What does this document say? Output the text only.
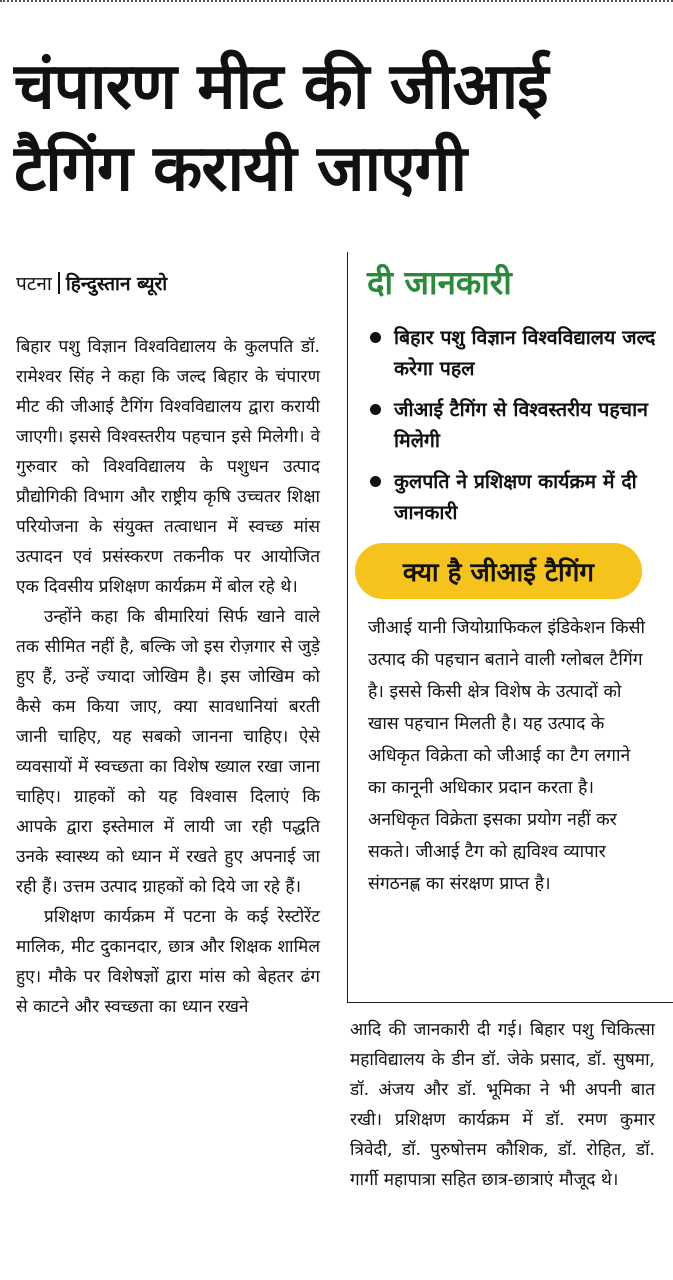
चंपारण मीट की जीआई
टैगिंग करायी जाएगी
पटना हिन्दुस्तान ब्यूरो

बिहार पशु विज्ञान विश्वविद्यालय के कुलपति डॉ. रामेश्वर सिंह ने कहा कि जल्द बिहार के चंपारण मीट की जीआई टैगिंग विश्वविद्यालय द्वारा करायी जाएगी। इससे विश्वस्तरीय पहचान इसे मिलेगी। वे गुरुवार को विश्वविद्यालय के पशुधन उत्पाद प्रौद्योगिकी विभाग और राष्ट्रीय कृषि उच्चतर शिक्षा परियोजना के संयुक्त तत्वाधान में स्वच्छ मांस उत्पादन एवं प्रसंस्करण तकनीक पर आयोजित एक दिवसीय प्रशिक्षण कार्यक्रम में बोल रहे थे।

उन्होंने कहा कि बीमारियां सिर्फ खाने वाले तक सीमित नहीं है, बल्कि जो इस रोज़गार से जुड़े हुए हैं, उन्हें ज्यादा जोखिम है। इस जोखिम को कैसे कम किया जाए, क्या सावधानियां बरती जानी चाहिए, यह सबको जानना चाहिए। ऐसे व्यवसायों में स्वच्छता का विशेष ख्याल रखा जाना चाहिए। ग्राहकों को यह विश्वास दिलाएं कि आपके द्वारा इस्तेमाल में लायी जा रही पद्धति उनके स्वास्थ्य को ध्यान में रखते हुए अपनाई जा रही हैं। उत्तम उत्पाद ग्राहकों को दिये जा रहे हैं।

प्रशिक्षण कार्यक्रम में पटना के कई रेस्टोरेंट मालिक, मीट दुकानदार, छात्र और शिक्षक शामिल हुए। मौके पर विशेषज्ञों द्वारा मांस को बेहतर ढंग से काटने और स्वच्छता का ध्यान रखने

दी जानकारी
बिहार पशु विज्ञान विश्वविद्यालय जल्द करेगा पहल
जीआई टैगिंग से विश्वस्तरीय पहचान मिलेगी
कुलपति ने प्रशिक्षण कार्यक्रम में दी जानकारी
क्या है जीआई टैगिंग

जीआई यानी जियोग्राफिकल इंडिकेशन किसी उत्पाद की पहचान बताने वाली ग्लोबल टैगिंग है। इससे किसी क्षेत्र विशेष के उत्पादों को खास पहचान मिलती है। यह उत्पाद के अधिकृत विक्रेता को जीआई का टैग लगाने का कानूनी अधिकार प्रदान करता है। अनधिकृत विक्रेता इसका प्रयोग नहीं कर सकते। जीआई टैग को ह्यविश्व व्यापार संगठनह्ण का संरक्षण प्राप्त है।

आदि की जानकारी दी गई। बिहार पशु चिकित्सा महाविद्यालय के डीन डॉ. जेके प्रसाद, डॉ. सुषमा, डॉ. अंजय और डॉ. भूमिका ने भी अपनी बात रखी। प्रशिक्षण कार्यक्रम में डॉ. रमण कुमार त्रिवेदी, डॉ. पुरुषोत्तम कौशिक, डॉ. रोहित, डॉ. गार्गी महापात्रा सहित छात्र-छात्राएं मौजूद थे।
